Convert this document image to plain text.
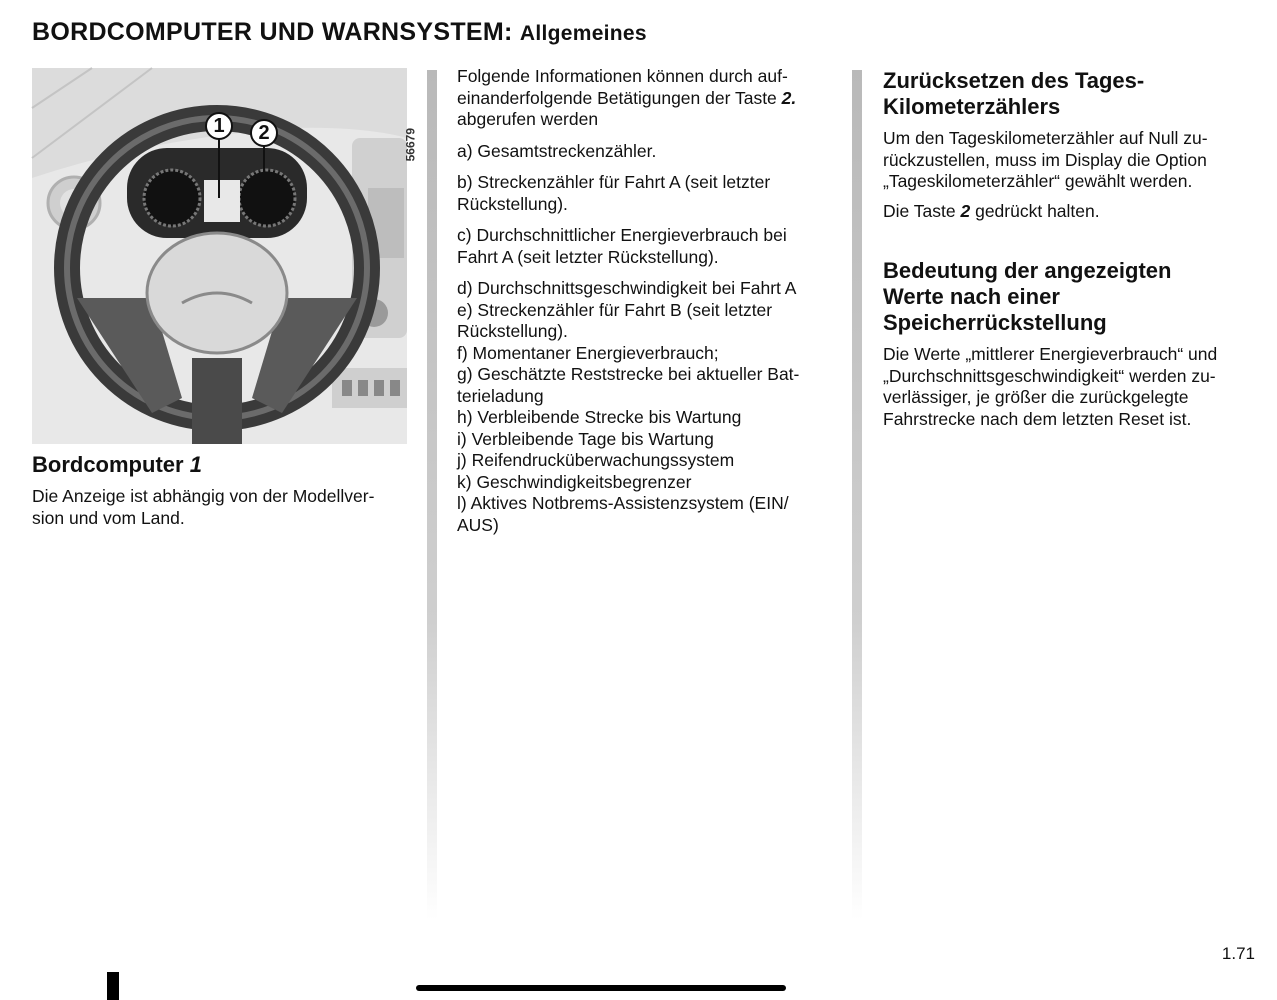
BORDCOMPUTER UND WARNSYSTEM: Allgemeines
56679
1	2
Bordcomputer 1

Die Anzeige ist abhängig von der Modellver-
sion und vom Land.

Folgende Informationen können durch auf-
einanderfolgende Betätigungen der Taste 2.
abgerufen werden

a) Gesamtstreckenzähler.

b) Streckenzähler für Fahrt A (seit letzter
Rückstellung).

c) Durchschnittlicher Energieverbrauch bei
Fahrt A (seit letzter Rückstellung).

d) Durchschnittsgeschwindigkeit bei Fahrt A
e) Streckenzähler für Fahrt B (seit letzter
Rückstellung).
f) Momentaner Energieverbrauch;
g) Geschätzte Reststrecke bei aktueller Bat-
terieladung
h) Verbleibende Strecke bis Wartung
i) Verbleibende Tage bis Wartung
j) Reifendrucküberwachungssystem
k) Geschwindigkeitsbegrenzer
l) Aktives Notbrems-Assistenzsystem (EIN/
AUS)
Zurücksetzen des Tages-
Kilometerzählers

Um den Tageskilometerzähler auf Null zu-
rückzustellen, muss im Display die Option
„Tageskilometerzähler“ gewählt werden.

Die Taste 2 gedrückt halten.

Bedeutung der angezeigten
Werte nach einer
Speicherrückstellung

Die Werte „mittlerer Energieverbrauch“ und
„Durchschnittsgeschwindigkeit“ werden zu-
verlässiger, je größer die zurückgelegte
Fahrstrecke nach dem letzten Reset ist.

1.71
